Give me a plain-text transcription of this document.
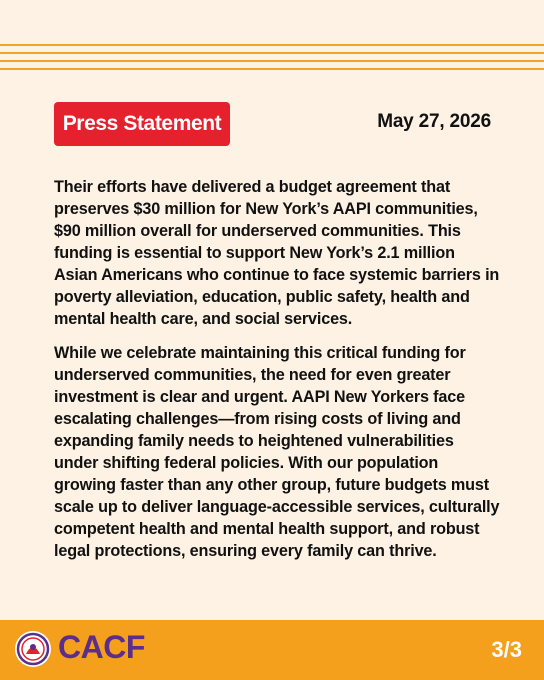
Press Statement	May 27, 2026

Their efforts have delivered a budget agreement that preserves $30 million for New York’s AAPI communities, $90 million overall for underserved communities. This funding is essential to support New York’s 2.1 million Asian Americans who continue to face systemic barriers in poverty alleviation, education, public safety, health and mental health care, and social services.

While we celebrate maintaining this critical funding for underserved communities, the need for even greater investment is clear and urgent. AAPI New Yorkers face escalating challenges—from rising costs of living and expanding family needs to heightened vulnerabilities under shifting federal policies. With our population growing faster than any other group, future budgets must scale up to deliver language-accessible services, culturally competent health and mental health support, and robust legal protections, ensuring every family can thrive.

CACF	3/3
